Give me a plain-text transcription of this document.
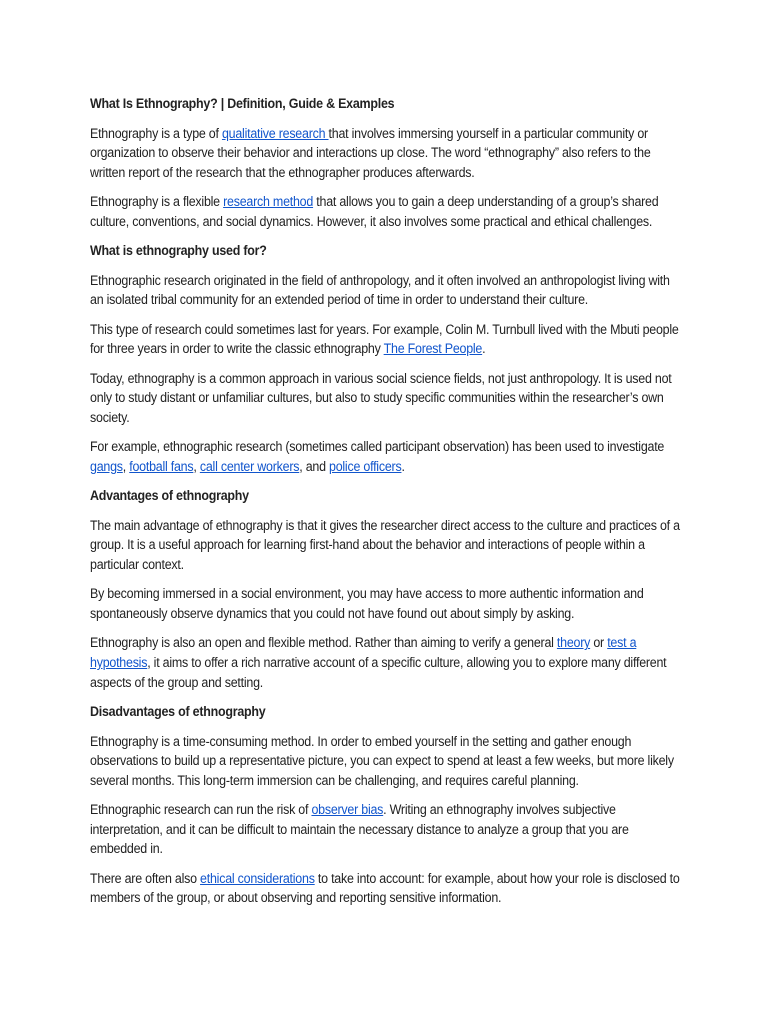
What Is Ethnography? | Definition, Guide & Examples

Ethnography is a type of qualitative research that involves immersing yourself in a particular community or organization to observe their behavior and interactions up close. The word “ethnography” also refers to the written report of the research that the ethnographer produces afterwards.

Ethnography is a flexible research method that allows you to gain a deep understanding of a group’s shared culture, conventions, and social dynamics. However, it also involves some practical and ethical challenges.

What is ethnography used for?

Ethnographic research originated in the field of anthropology, and it often involved an anthropologist living with an isolated tribal community for an extended period of time in order to understand their culture.

This type of research could sometimes last for years. For example, Colin M. Turnbull lived with the Mbuti people for three years in order to write the classic ethnography The Forest People.

Today, ethnography is a common approach in various social science fields, not just anthropology. It is used not only to study distant or unfamiliar cultures, but also to study specific communities within the researcher’s own society.

For example, ethnographic research (sometimes called participant observation) has been used to investigate gangs, football fans, call center workers, and police officers.

Advantages of ethnography

The main advantage of ethnography is that it gives the researcher direct access to the culture and practices of a group. It is a useful approach for learning first-hand about the behavior and interactions of people within a particular context.

By becoming immersed in a social environment, you may have access to more authentic information and spontaneously observe dynamics that you could not have found out about simply by asking.

Ethnography is also an open and flexible method. Rather than aiming to verify a general theory or test a hypothesis, it aims to offer a rich narrative account of a specific culture, allowing you to explore many different aspects of the group and setting.

Disadvantages of ethnography

Ethnography is a time-consuming method. In order to embed yourself in the setting and gather enough observations to build up a representative picture, you can expect to spend at least a few weeks, but more likely several months. This long-term immersion can be challenging, and requires careful planning.

Ethnographic research can run the risk of observer bias. Writing an ethnography involves subjective interpretation, and it can be difficult to maintain the necessary distance to analyze a group that you are embedded in.

There are often also ethical considerations to take into account: for example, about how your role is disclosed to members of the group, or about observing and reporting sensitive information.
